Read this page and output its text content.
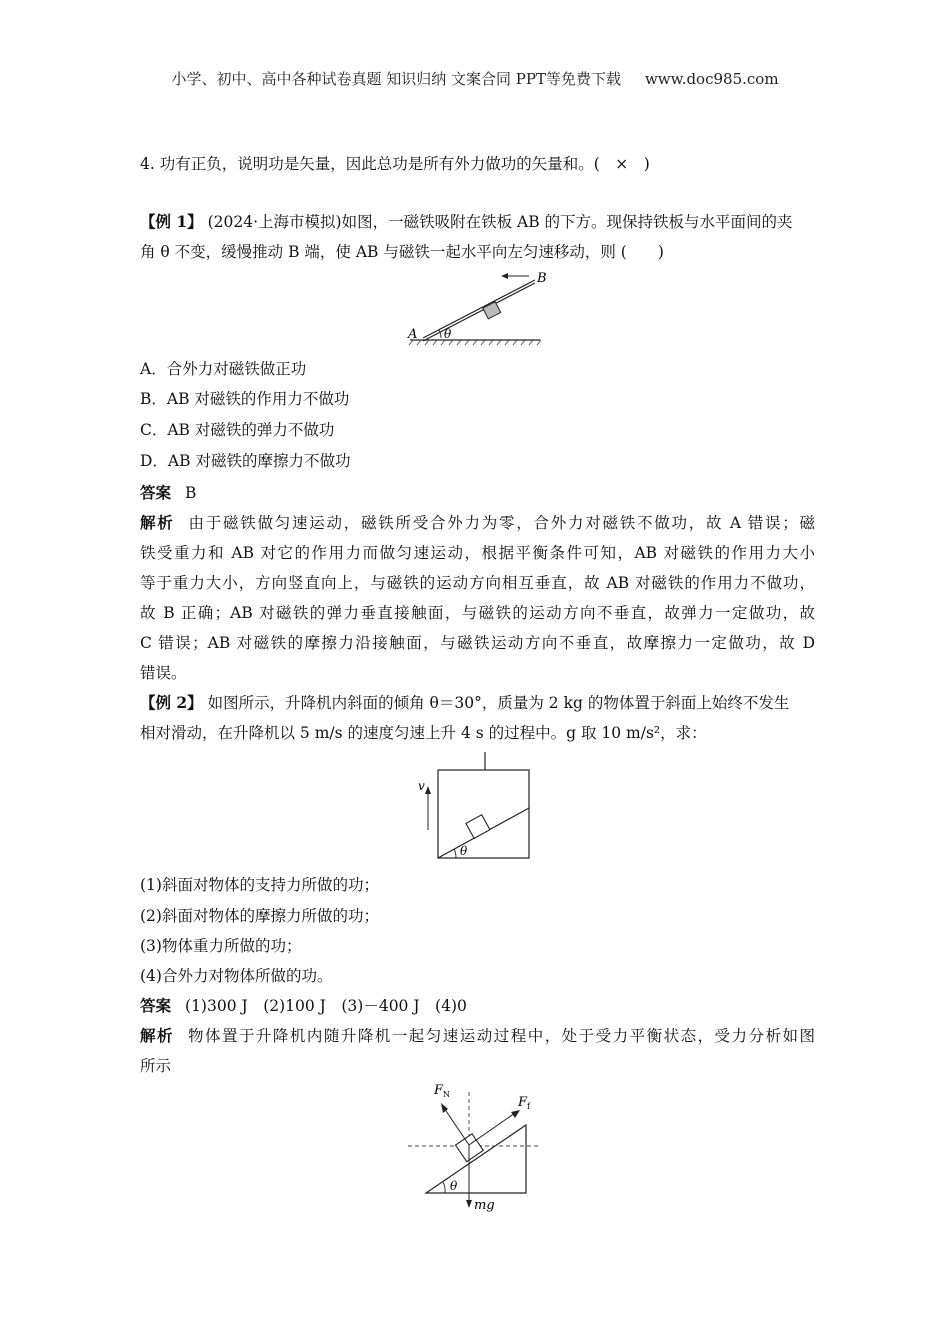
小学、初中、高中各种试卷真题 知识归纳 文案合同 PPT等免费下载 www.doc985.com
4. 功有正负，说明功是矢量，因此总功是所有外力做功的矢量和。(　×　)
【例 1】 (2024·上海市模拟)如图，一磁铁吸附在铁板 AB 的下方。现保持铁板与水平面间的夹
角 θ 不变，缓慢推动 B 端，使 AB 与磁铁一起水平向左匀速移动，则 (　　)
A
B
θ
A．合外力对磁铁做正功
B．AB 对磁铁的作用力不做功
C．AB 对磁铁的弹力不做功
D．AB 对磁铁的摩擦力不做功
答案 B
解析 由于磁铁做匀速运动，磁铁所受合外力为零，合外力对磁铁不做功，故 A 错误；磁
铁受重力和 AB 对它的作用力而做匀速运动，根据平衡条件可知，AB 对磁铁的作用力大小
等于重力大小，方向竖直向上，与磁铁的运动方向相互垂直，故 AB 对磁铁的作用力不做功，
故 B 正确；AB 对磁铁的弹力垂直接触面，与磁铁的运动方向不垂直，故弹力一定做功，故
C 错误；AB 对磁铁的摩擦力沿接触面，与磁铁运动方向不垂直，故摩擦力一定做功，故 D
错误。
【例 2】 如图所示，升降机内斜面的倾角 θ＝30°，质量为 2 kg 的物体置于斜面上始终不发生
相对滑动，在升降机以 5 m/s 的速度匀速上升 4 s 的过程中。g 取 10 m/s²，求：
v
θ
(1)斜面对物体的支持力所做的功；
(2)斜面对物体的摩擦力所做的功；
(3)物体重力所做的功；
(4)合外力对物体所做的功。
答案 (1)300 J　(2)100 J　(3)－400 J　(4)0
解析 物体置于升降机内随升降机一起匀速运动过程中，处于受力平衡状态，受力分析如图
所示
$F_N$
$F_f$
mg
θ
